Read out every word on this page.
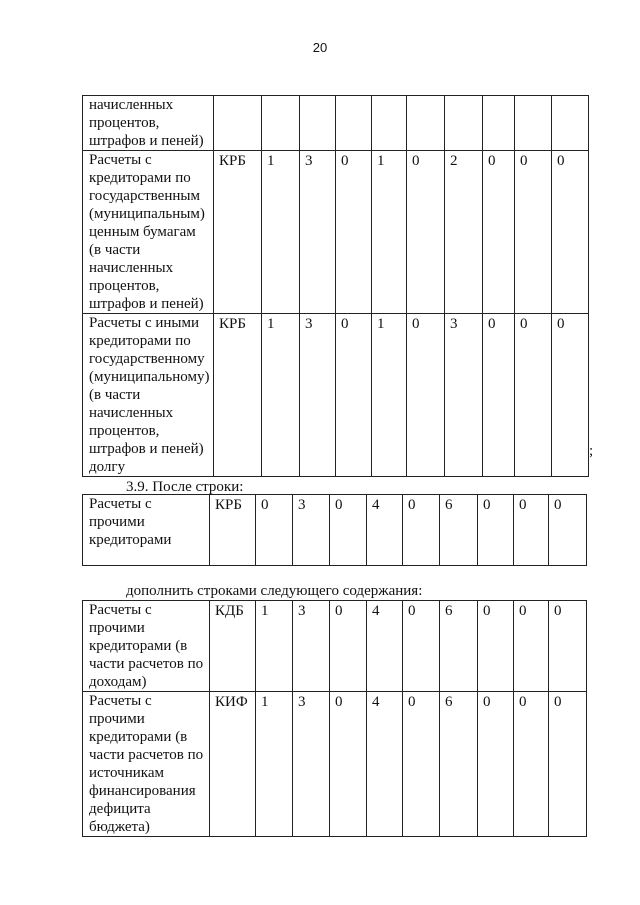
20
начисленных процентов, штрафов и пеней)										
Расчеты с кредиторами по государственным (муниципальным) ценным бумагам (в части начисленных процентов, штрафов и пеней)	КРБ	1	3	0	1	0	2	0	0	0
Расчеты с иными кредиторами по государственному (муниципальному) (в части начисленных процентов, штрафов и пеней) долгу	КРБ	1	3	0	1	0	3	0	0	0
;
3.9. После строки:
Расчеты с прочими кредиторами	КРБ	0	3	0	4	0	6	0	0	0
дополнить строками следующего содержания:
Расчеты с прочими кредиторами (в части расчетов по доходам)	КДБ	1	3	0	4	0	6	0	0	0
Расчеты с прочими кредиторами (в части расчетов по источникам финансирования дефицита бюджета)	КИФ	1	3	0	4	0	6	0	0	0
